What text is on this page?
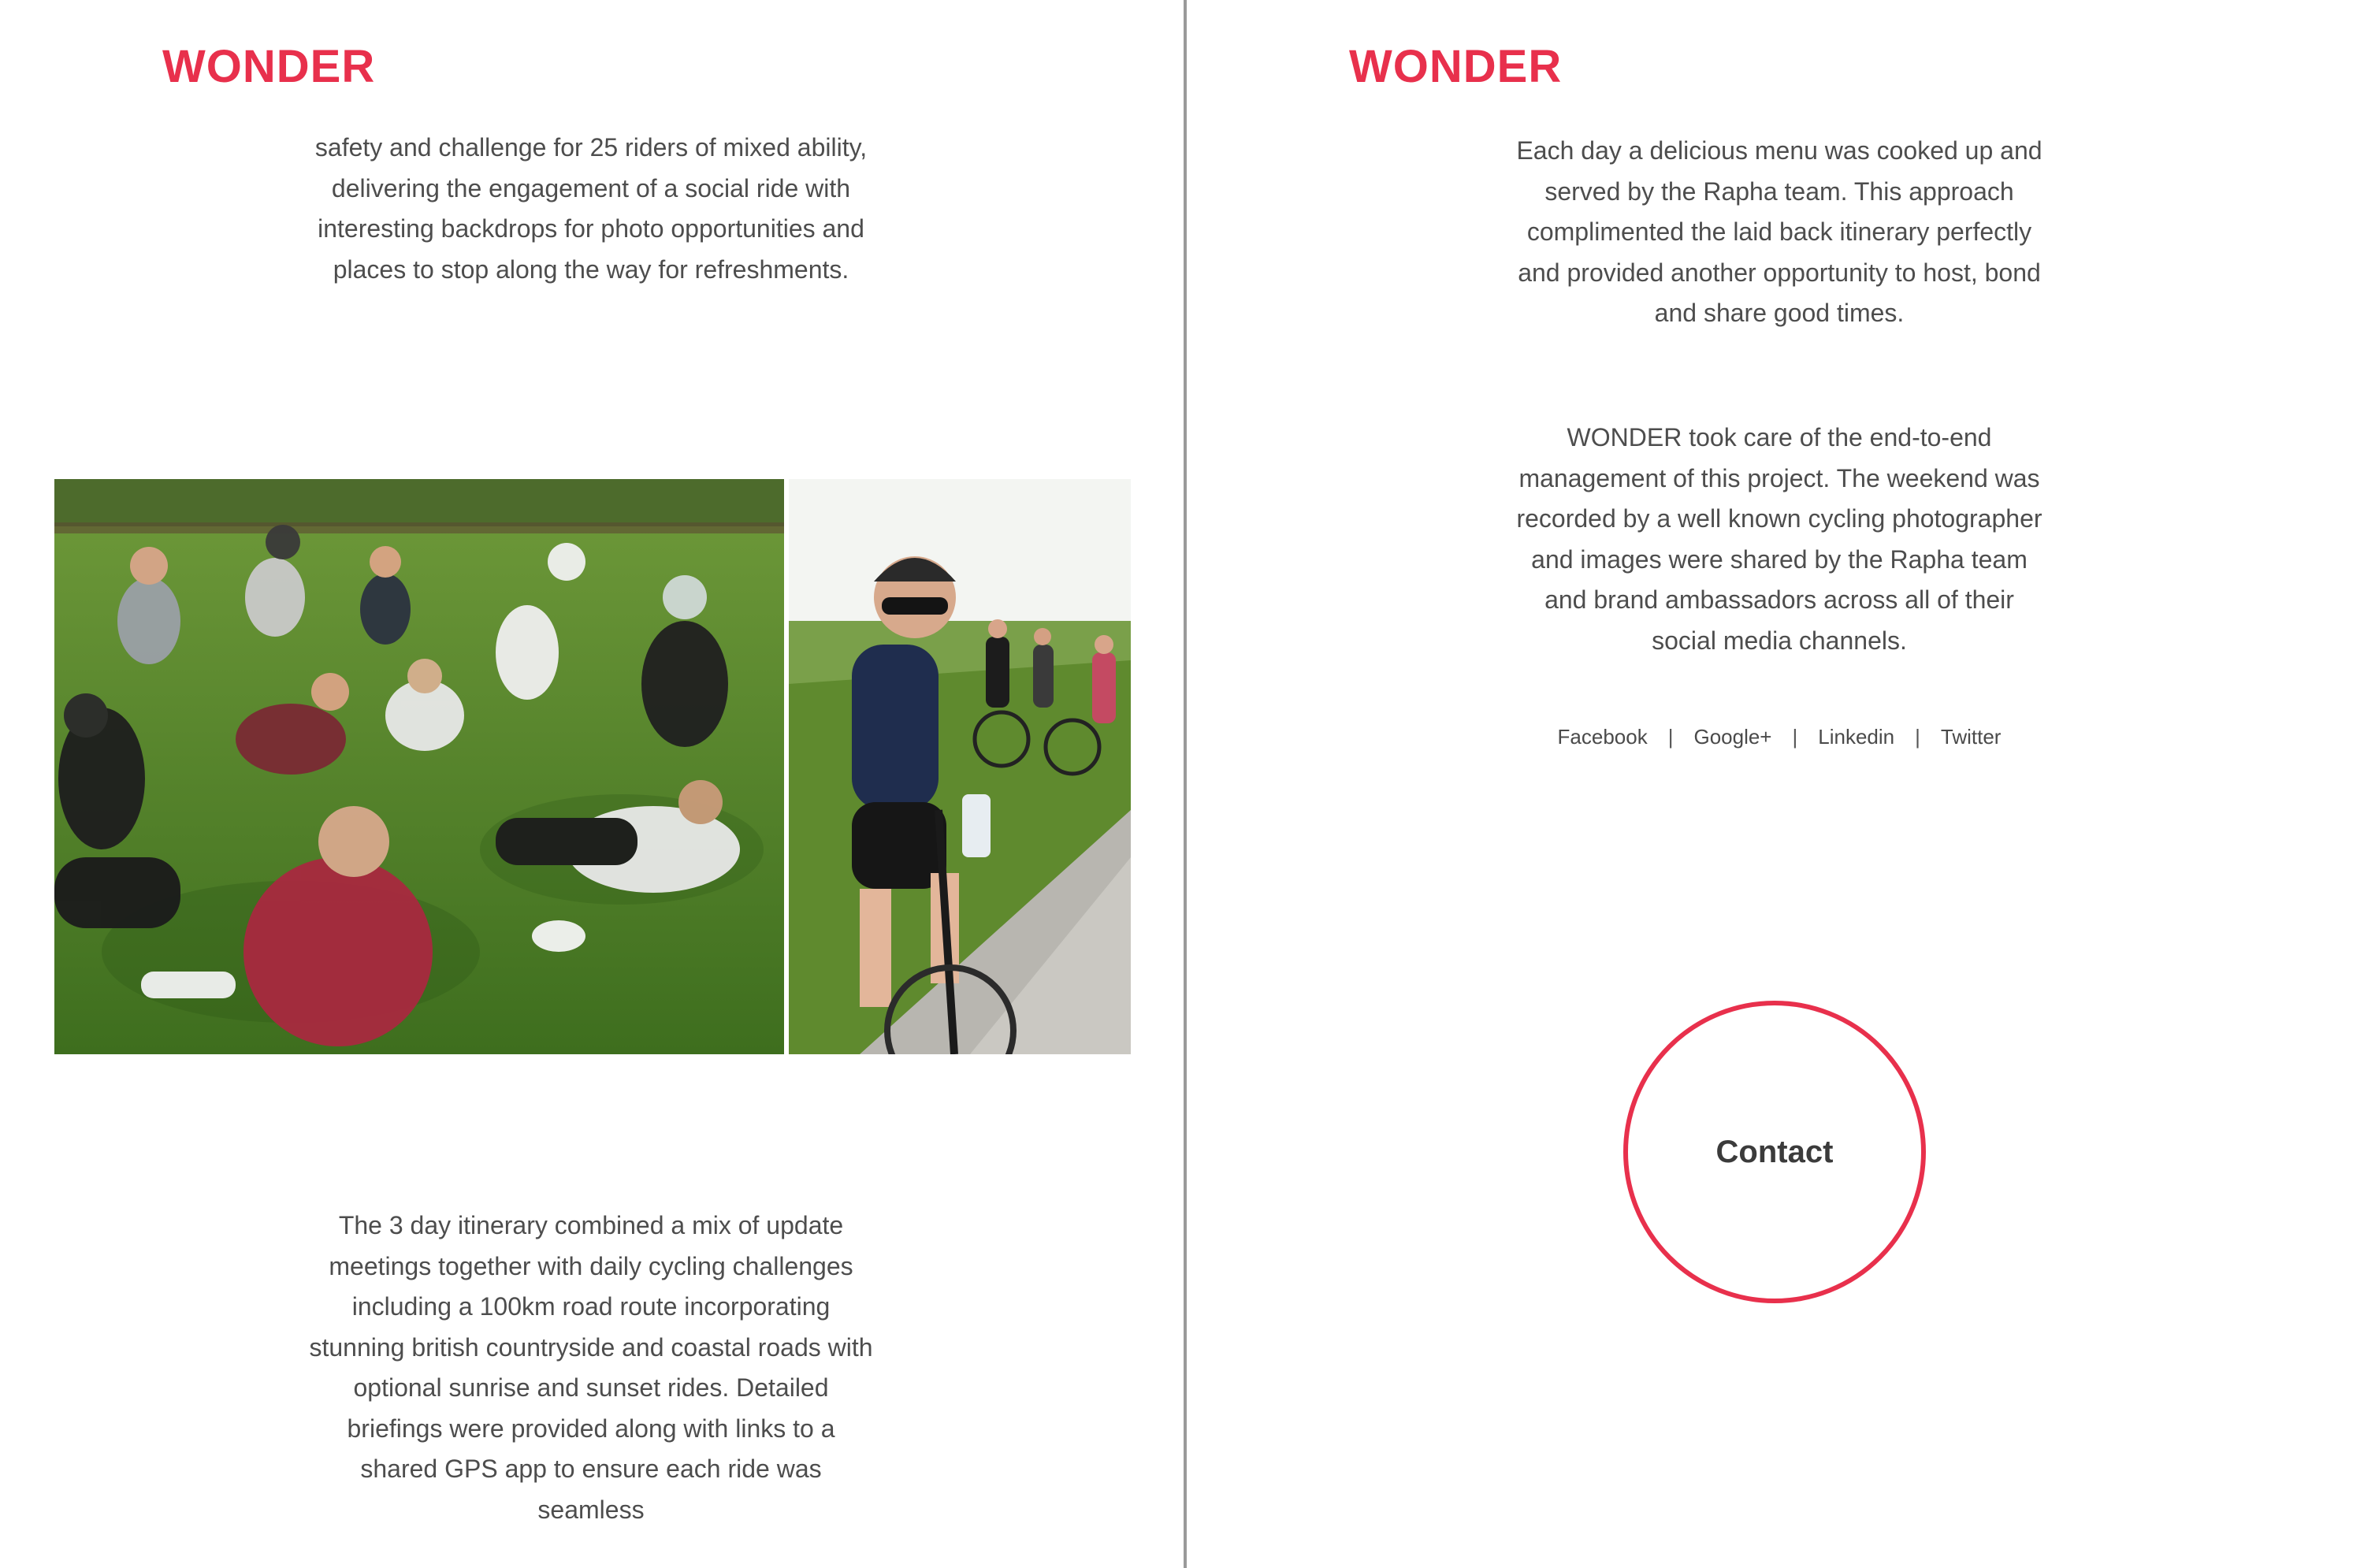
WONDER

safety and challenge for 25 riders of mixed ability, delivering the engagement of a social ride with interesting backdrops for photo opportunities and places to stop along the way for refreshments.

The 3 day itinerary combined a mix of update meetings together with daily cycling challenges including a 100km road route incorporating stunning british countryside and coastal roads with optional sunrise and sunset rides. Detailed briefings were provided along with links to a shared GPS app to ensure each ride was seamless

WONDER

Each day a delicious menu was cooked up and served by the Rapha team. This approach complimented the laid back itinerary perfectly and provided another opportunity to host, bond and share good times.

WONDER took care of the end-to-end management of this project. The weekend was recorded by a well known cycling photographer and images were shared by the Rapha team and brand ambassadors across all of their social media channels.

Facebook | Google+ | Linkedin | Twitter
Contact
